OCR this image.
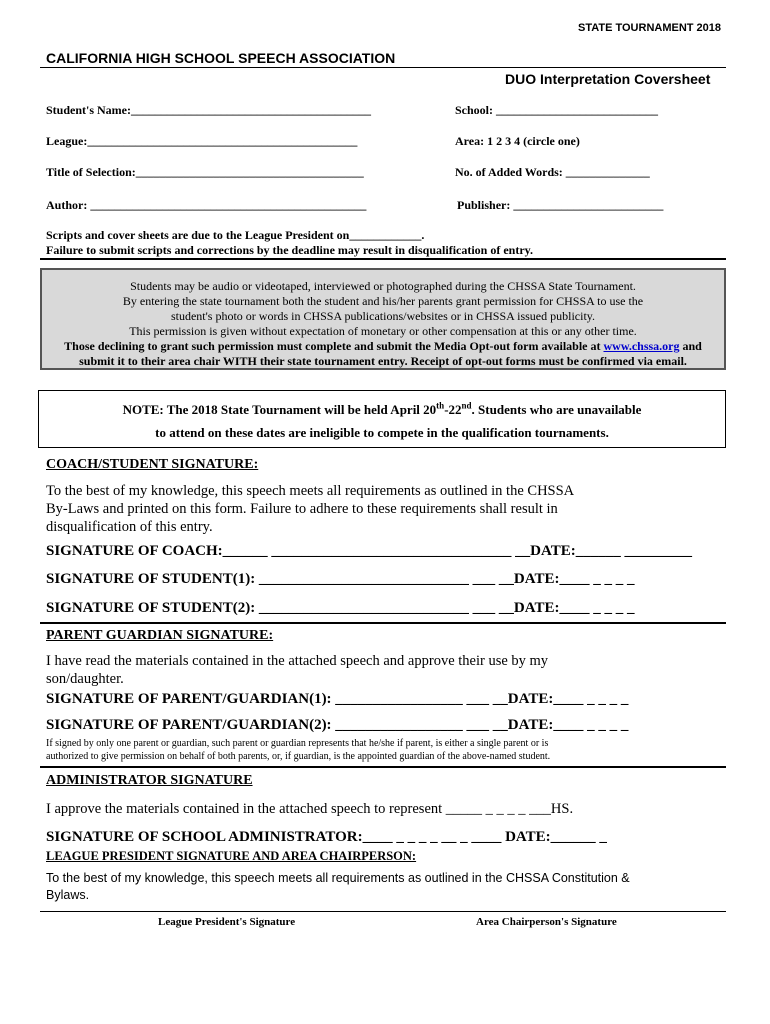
STATE TOURNAMENT 2018
CALIFORNIA HIGH SCHOOL SPEECH ASSOCIATION
DUO Interpretation Coversheet
Student's Name:________________________________________	School: ___________________________
League:_____________________________________________	Area: 1 2 3 4 (circle one)
Title of Selection:______________________________________	No. of Added Words: ______________
Author: ______________________________________________	Publisher: _________________________
Scripts and cover sheets are due to the League President on____________.
Failure to submit scripts and corrections by the deadline may result in disqualification of entry.
Students may be audio or videotaped, interviewed or photographed during the CHSSA State Tournament.
By entering the state tournament both the student and his/her parents grant permission for CHSSA to use the
student's photo or words in CHSSA publications/websites or in CHSSA issued publicity.
This permission is given without expectation of monetary or other compensation at this or any other time.
Those declining to grant such permission must complete and submit the Media Opt-out form available at www.chssa.org and
submit it to their area chair WITH their state tournament entry. Receipt of opt-out forms must be confirmed via email.
NOTE: The 2018 State Tournament will be held April 20th-22nd. Students who are unavailable
to attend on these dates are ineligible to compete in the qualification tournaments.
COACH/STUDENT SIGNATURE:
To the best of my knowledge, this speech meets all requirements as outlined in the CHSSA
By-Laws and printed on this form. Failure to adhere to these requirements shall result in
disqualification of this entry.
SIGNATURE OF COACH:______ ________________________________ __DATE:______ _________
SIGNATURE OF STUDENT(1): ____________________________ ___ __DATE:____ _ _ _ _
SIGNATURE OF STUDENT(2): ____________________________ ___ __DATE:____ _ _ _ _
PARENT GUARDIAN SIGNATURE:
I have read the materials contained in the attached speech and approve their use by my
son/daughter.
SIGNATURE OF PARENT/GUARDIAN(1): _________________ ___ __DATE:____ _ _ _ _
SIGNATURE OF PARENT/GUARDIAN(2): _________________ ___ __DATE:____ _ _ _ _
If signed by only one parent or guardian, such parent or guardian represents that he/she if parent, is either a single parent or is
authorized to give permission on behalf of both parents, or, if guardian, is the appointed guardian of the above-named student.
ADMINISTRATOR SIGNATURE
I approve the materials contained in the attached speech to represent _____ _ _ _ _ ___HS.
SIGNATURE OF SCHOOL ADMINISTRATOR:____ _ _ _ _ __ _ ____ DATE:______ _
LEAGUE PRESIDENT SIGNATURE AND AREA CHAIRPERSON:
To the best of my knowledge, this speech meets all requirements as outlined in the CHSSA Constitution &
Bylaws.
League President's Signature	Area Chairperson's Signature
